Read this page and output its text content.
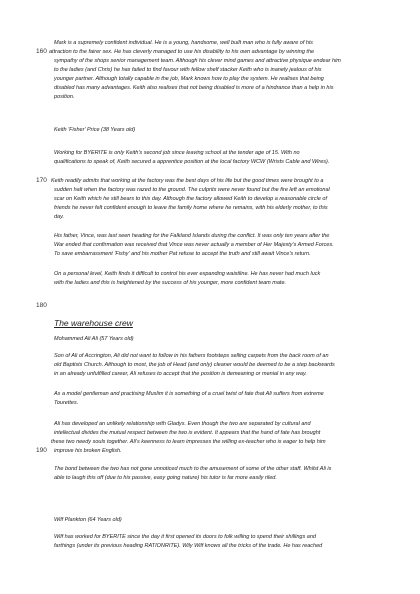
160
170
180
190
Mark is a supremely confident individual. He is a young, handsome, well built man who is fully aware of his
attraction to the fairer sex. He has cleverly managed to use his disability to his own advantage by winning the
sympathy of the shops senior management team. Although his clever mind games and attractive physique endear him
to the ladies (and Chris) he has failed to find favour with fellow shelf stacker Keith who is inanely jealous of his
younger partner. Although totally capable in the job, Mark knows how to play the system. He realises that being
disabled has many advantages. Keith also realises that not being disabled is more of a hindrance than a help in his
position.
Keith 'Fisher' Price (38 Years old)
Working for BYERITE is only Keith's second job since leaving school at the tender age of 15. With no
qualifications to speak of, Keith secured a apprentice position at the local factory WCW (Wrists Cable and Wires).
Keith readily admits that working at the factory was the best days of his life but the good times were brought to a
sudden halt when the factory was razed to the ground. The culprits were never found but the fire left an emotional
scar on Keith which he still bears to this day. Although the factory allowed Keith to develop a reasonable circle of
friends he never felt confident enough to leave the family home where he remains, with his elderly mother, to this
day.
His father, Vince, was last seen heading for the Falkland Islands during the conflict. It was only ten years after the
War ended that confirmation was received that Vince was never actually a member of Her Majesty's Armed Forces.
To save embarrassment 'Fishy' and his mother Pat refuse to accept the truth and still await Vince's return.
On a personal level, Keith finds it difficult to control his ever expanding waistline. He has never had much luck
with the ladies and this is heightened by the success of his younger, more confident team mate.
The warehouse crew
Mohammed Ali Ali (57 Years old)
Son of Ali of Accrington, Ali did not want to follow in his fathers footsteps selling carpets from the back room of an
old Baptists Church. Although to most, the job of Head (and only) cleaner would be deemed to be a step backwards
in an already unfulfilled career, Ali refuses to accept that the position is demeaning or menial in any way.
As a model gentleman and practising Muslim it is something of a cruel twist of fate that Ali suffers from extreme
Tourettes.
Ali has developed an unlikely relationship with Gladys. Even though the two are separated by cultural and
intellectual divides the mutual respect between the two is evident. It appears that the hand of fate has brought
these two needy souls together. Ali's keenness to learn impresses the willing ex-teacher who is eager to help him
improve his broken English.
The bond between the two has not gone unnoticed much to the amusement of some of the other staff. Whilst Ali is
able to laugh this off (due to his passive, easy going nature) his tutor is far more easily riled.
Wilf Plankton (64 Years old)
Wilf has worked for BYERITE since the day it first opened its doors to folk willing to spend their shillings and
farthings (under its previous heading RATIONRITE). Wily Wilf knows all the tricks of the trade. He has reached
